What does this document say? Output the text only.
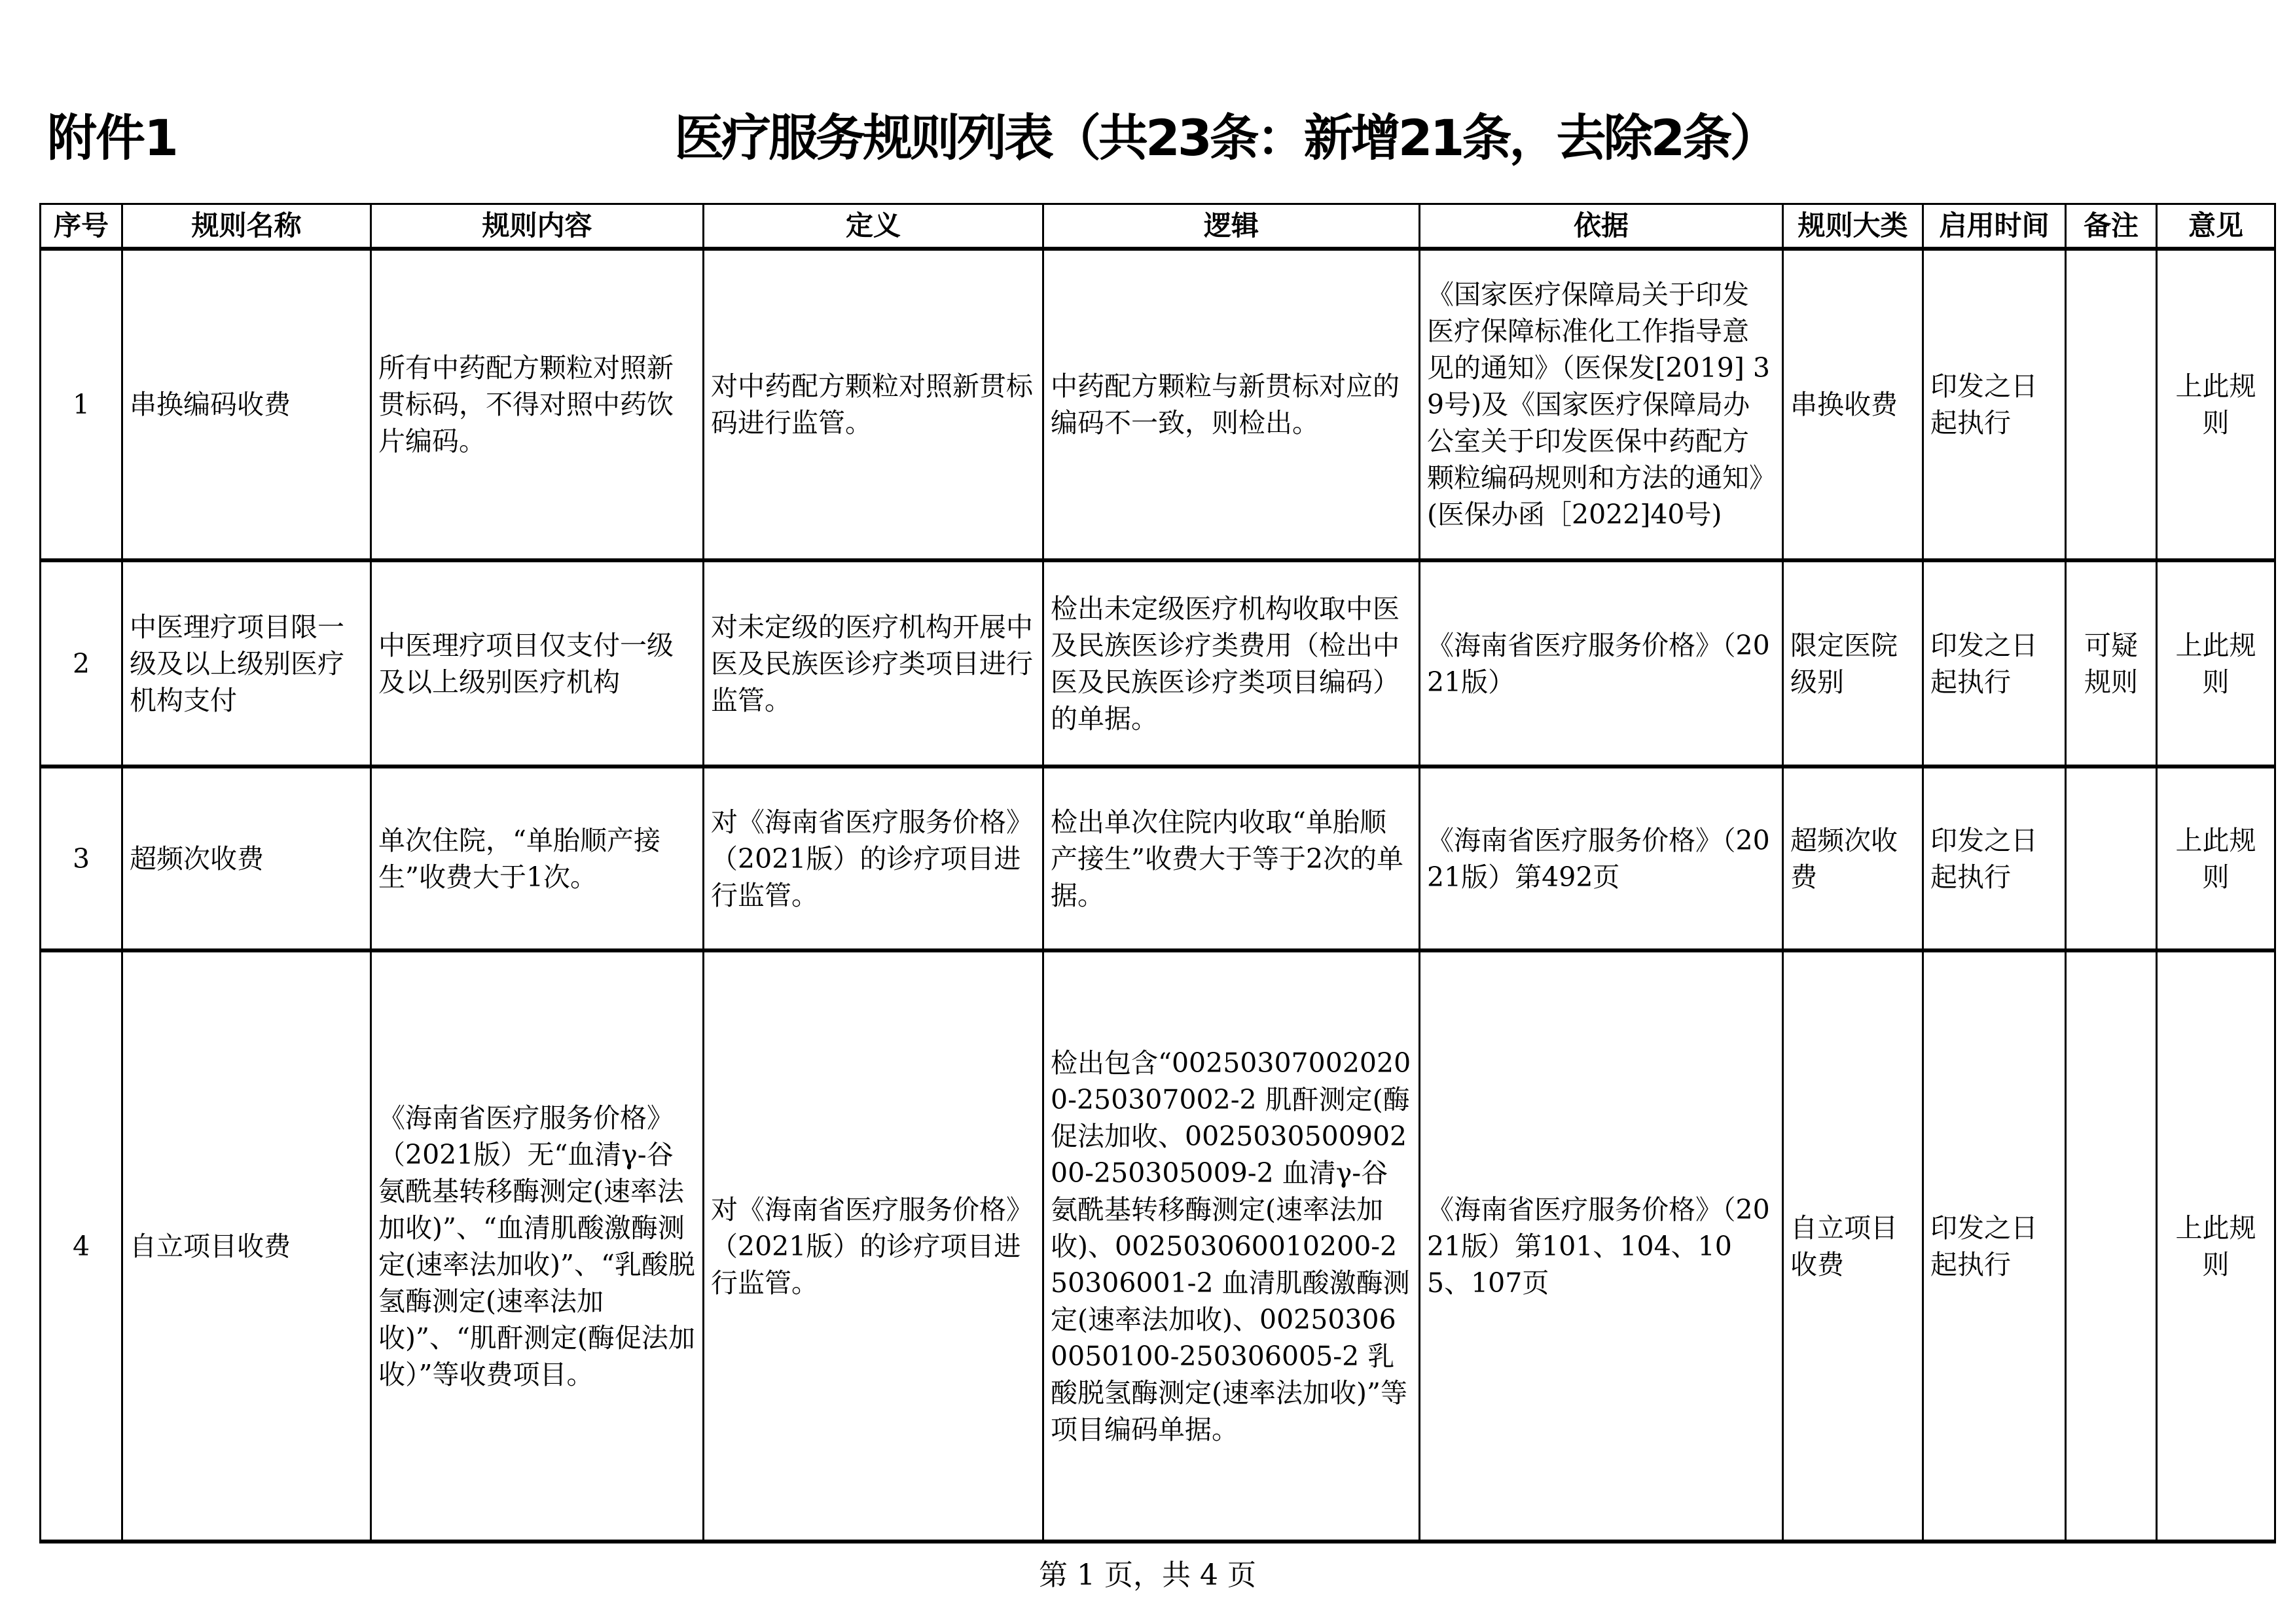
附件1	医疗服务规则列表（共23条：新增21条，去除2条）
序号	规则名称	规则内容	定义	逻辑	依据	规则大类	启用时间	备注	意见
1	串换编码收费	所有中药配方颗粒对照新贯标码，不得对照中药饮片编码。	对中药配方颗粒对照新贯标码进行监管。	中药配方颗粒与新贯标对应的编码不一致，则检出。	《国家医疗保障局关于印发医疗保障标准化工作指导意见的通知》（医保发[2019] 39号)及《国家医疗保障局办公室关于印发医保中药配方颗粒编码规则和方法的通知》(医保办函［2022]40号)	串换收费	印发之日起执行		上此规则
2	中医理疗项目限一级及以上级别医疗机构支付	中医理疗项目仅支付一级及以上级别医疗机构	对未定级的医疗机构开展中医及民族医诊疗类项目进行监管。	检出未定级医疗机构收取中医及民族医诊疗类费用（检出中医及民族医诊疗类项目编码）的单据。	《海南省医疗服务价格》（2021版）	限定医院级别	印发之日起执行	可疑规则	上此规则
3	超频次收费	单次住院，“单胎顺产接生”收费大于1次。	对《海南省医疗服务价格》（2021版）的诊疗项目进行监管。	检出单次住院内收取“单胎顺产接生”收费大于等于2次的单据。	《海南省医疗服务价格》（2021版）第492页	超频次收费	印发之日起执行		上此规则
4	自立项目收费	《海南省医疗服务价格》（2021版）无“血清γ-谷氨酰基转移酶测定(速率法加收)”、“血清肌酸激酶测定(速率法加收)”、“乳酸脱氢酶测定(速率法加收)”、“肌酐测定(酶促法加收）”等收费项目。	对《海南省医疗服务价格》（2021版）的诊疗项目进行监管。	检出包含“002503070020200-250307002-2 肌酐测定(酶促法加收、002503050090200-250305009-2 血清γ-谷氨酰基转移酶测定(速率法加收)、002503060010200-250306001-2 血清肌酸激酶测定(速率法加收)、002503060050100-250306005-2 乳酸脱氢酶测定(速率法加收)”等项目编码单据。	《海南省医疗服务价格》（2021版）第101、104、105、107页	自立项目收费	印发之日起执行		上此规则
第 1 页，共 4 页
